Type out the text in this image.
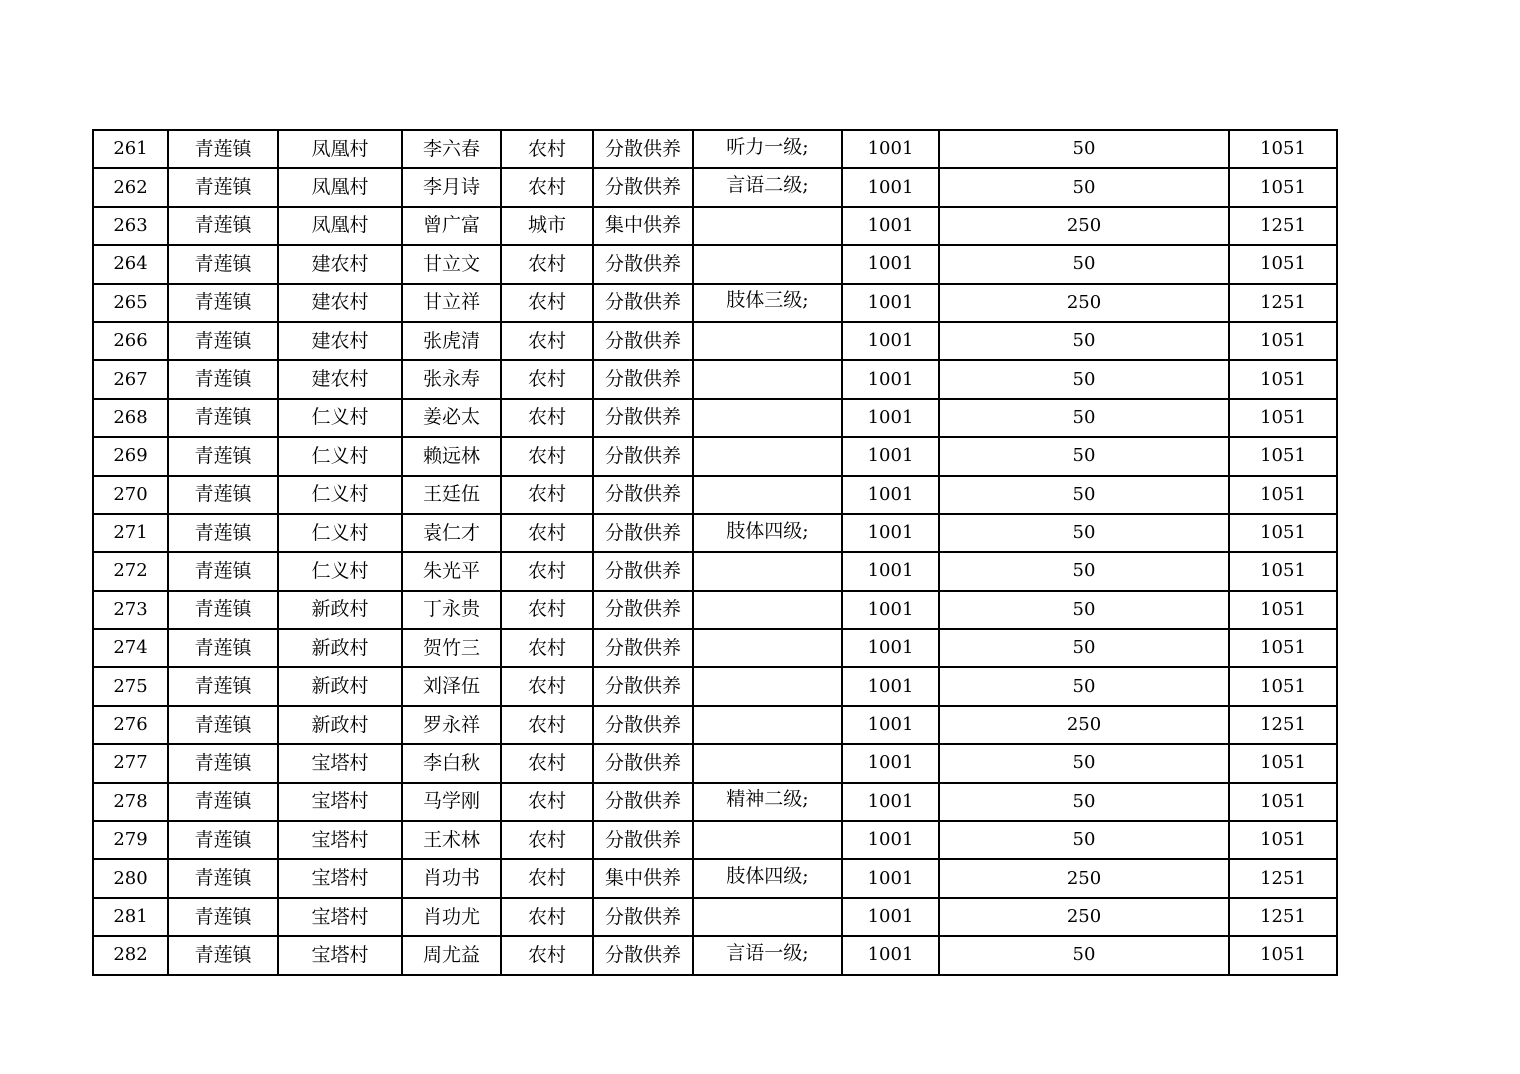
261	青莲镇	凤凰村	李六春	农村	分散供养	听力一级;	1001	50	1051
262	青莲镇	凤凰村	李月诗	农村	分散供养	言语二级;	1001	50	1051
263	青莲镇	凤凰村	曾广富	城市	集中供养		1001	250	1251
264	青莲镇	建农村	甘立文	农村	分散供养		1001	50	1051
265	青莲镇	建农村	甘立祥	农村	分散供养	肢体三级;	1001	250	1251
266	青莲镇	建农村	张虎清	农村	分散供养		1001	50	1051
267	青莲镇	建农村	张永寿	农村	分散供养		1001	50	1051
268	青莲镇	仁义村	姜必太	农村	分散供养		1001	50	1051
269	青莲镇	仁义村	赖远林	农村	分散供养		1001	50	1051
270	青莲镇	仁义村	王廷伍	农村	分散供养		1001	50	1051
271	青莲镇	仁义村	袁仁才	农村	分散供养	肢体四级;	1001	50	1051
272	青莲镇	仁义村	朱光平	农村	分散供养		1001	50	1051
273	青莲镇	新政村	丁永贵	农村	分散供养		1001	50	1051
274	青莲镇	新政村	贺竹三	农村	分散供养		1001	50	1051
275	青莲镇	新政村	刘泽伍	农村	分散供养		1001	50	1051
276	青莲镇	新政村	罗永祥	农村	分散供养		1001	250	1251
277	青莲镇	宝塔村	李白秋	农村	分散供养		1001	50	1051
278	青莲镇	宝塔村	马学刚	农村	分散供养	精神二级;	1001	50	1051
279	青莲镇	宝塔村	王术林	农村	分散供养		1001	50	1051
280	青莲镇	宝塔村	肖功书	农村	集中供养	肢体四级;	1001	250	1251
281	青莲镇	宝塔村	肖功尤	农村	分散供养		1001	250	1251
282	青莲镇	宝塔村	周尤益	农村	分散供养	言语一级;	1001	50	1051
